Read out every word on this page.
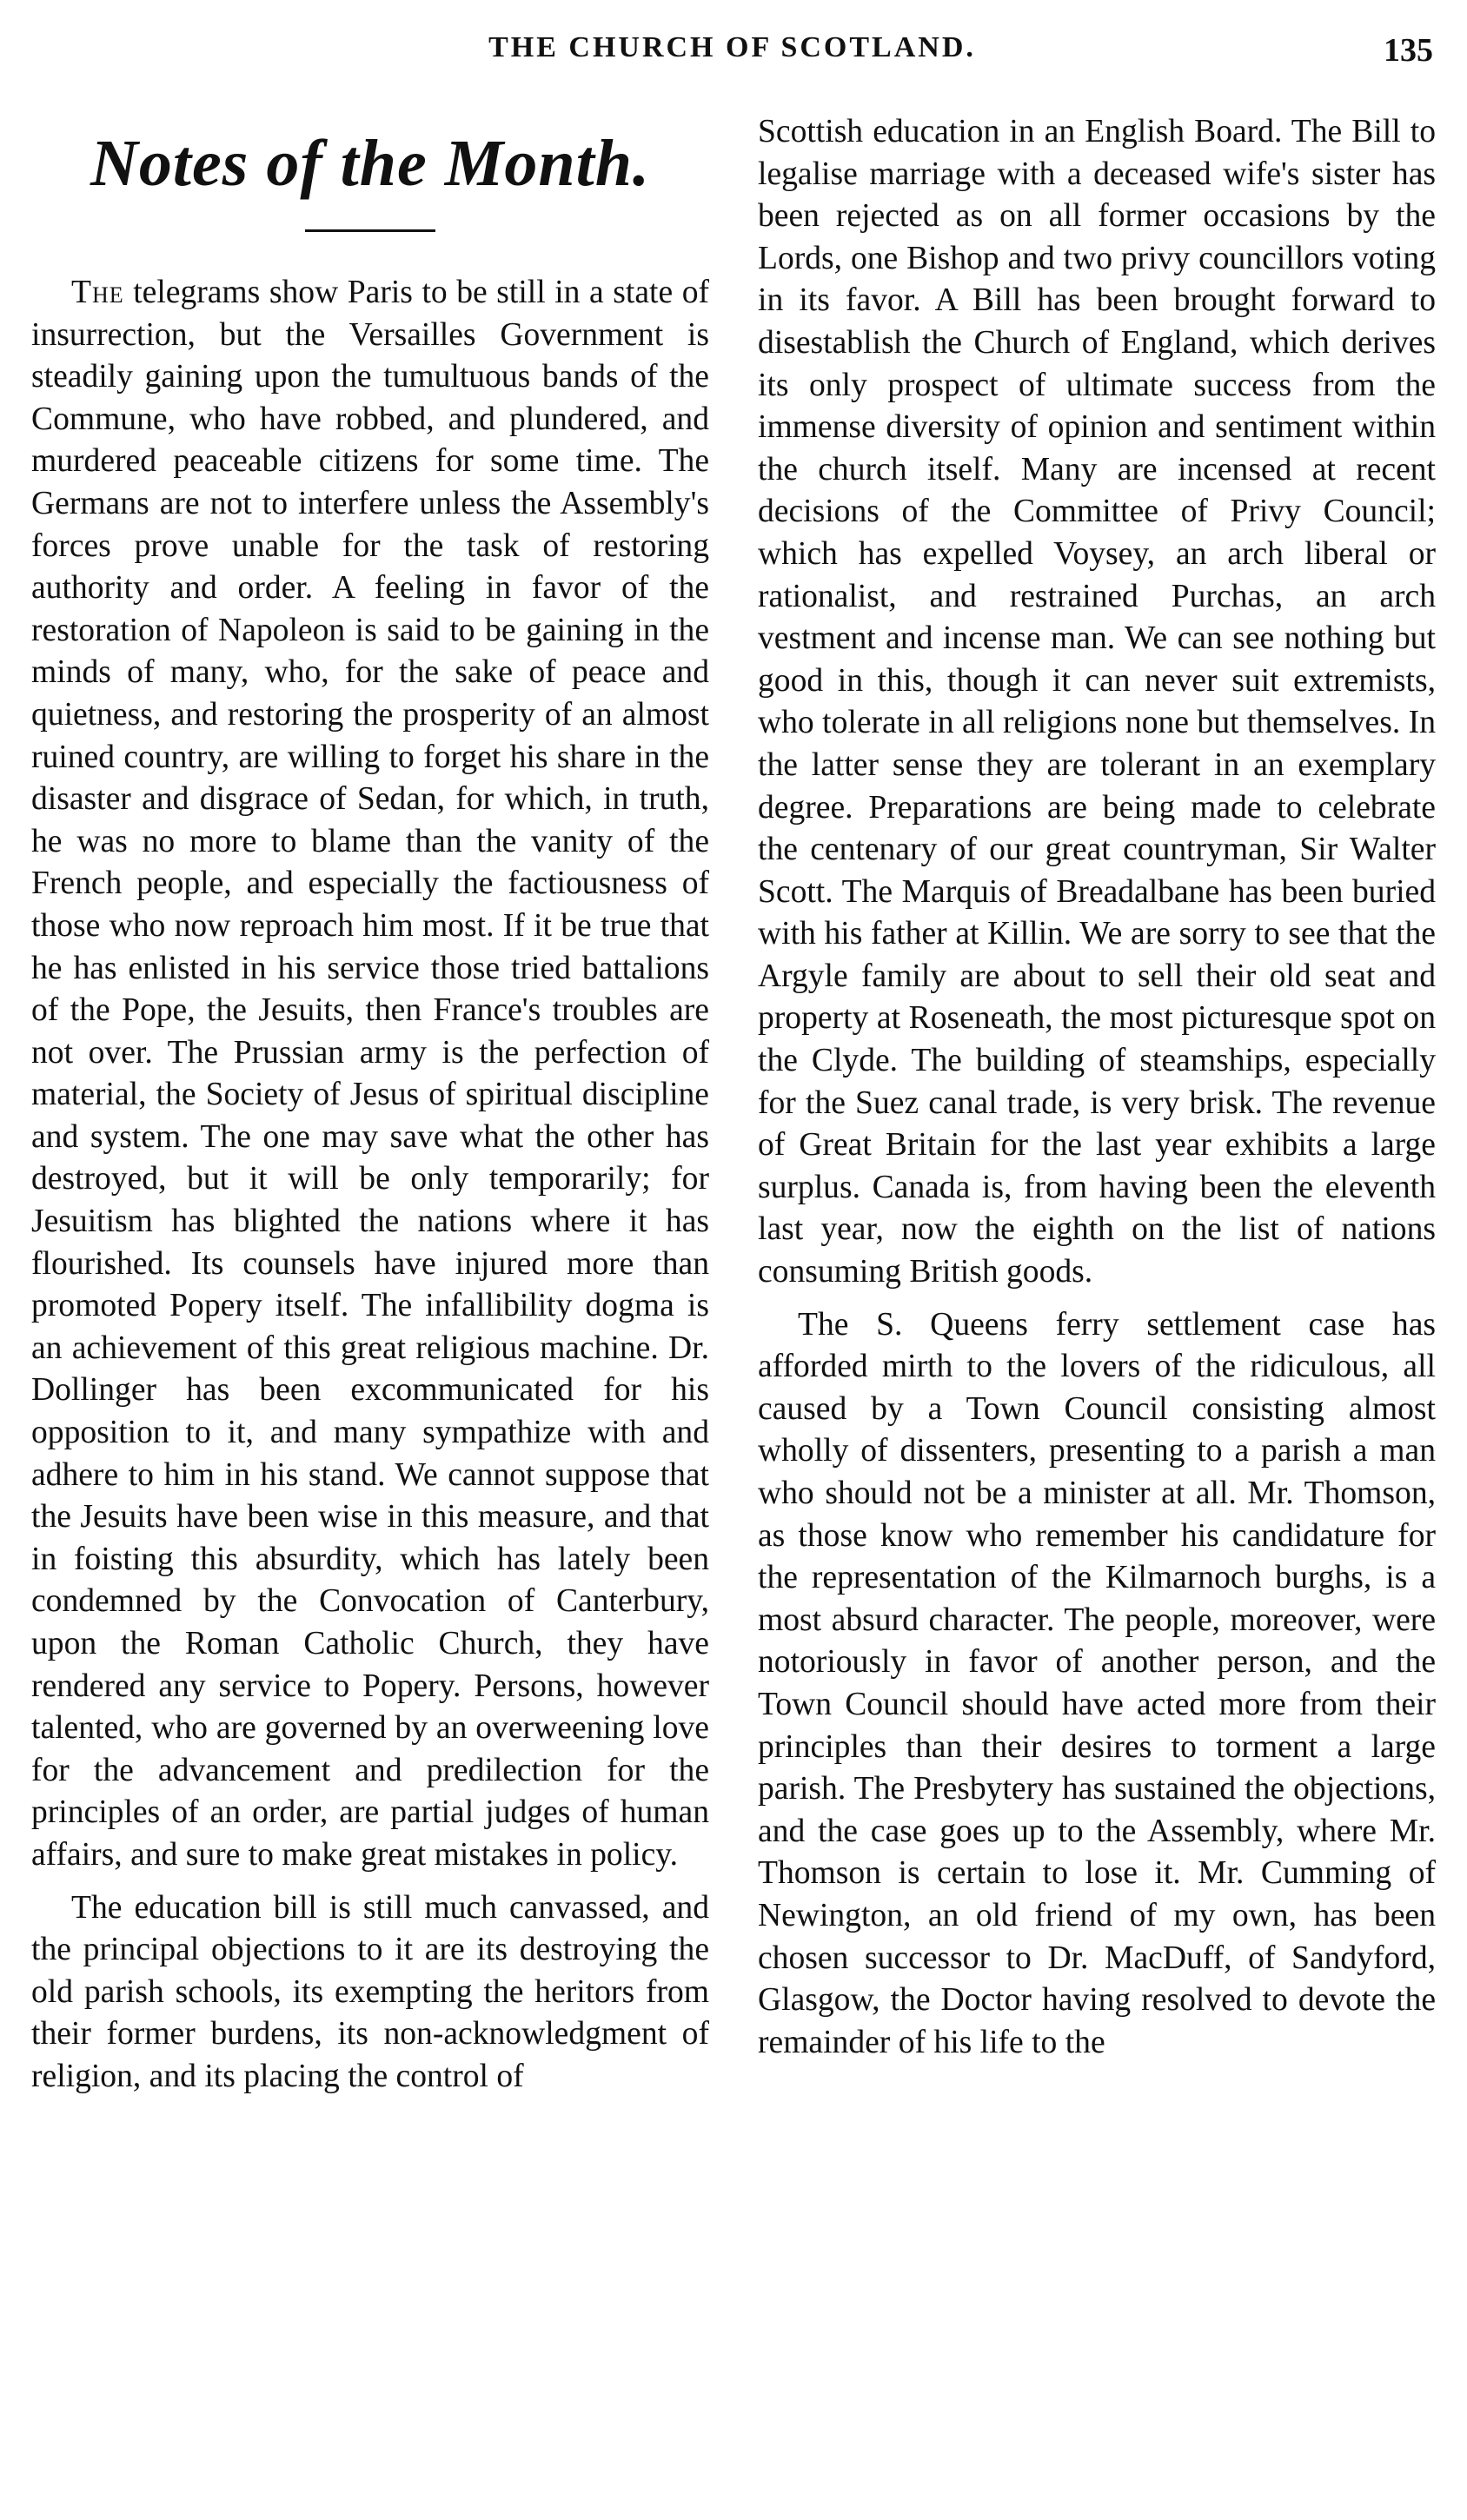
THE CHURCH OF SCOTLAND.	135
Notes of the Month.

The telegrams show Paris to be still in a state of insurrection, but the Versailles Government is steadily gaining upon the tumultuous bands of the Commune, who have robbed, and plundered, and murdered peaceable citizens for some time. The Germans are not to interfere unless the Assembly's forces prove unable for the task of restoring authority and order. A feeling in favor of the restoration of Napoleon is said to be gaining in the minds of many, who, for the sake of peace and quietness, and restoring the prosperity of an almost ruined country, are willing to forget his share in the disaster and disgrace of Sedan, for which, in truth, he was no more to blame than the vanity of the French people, and especially the factiousness of those who now reproach him most. If it be true that he has enlisted in his service those tried battalions of the Pope, the Jesuits, then France's troubles are not over. The Prussian army is the perfection of material, the Society of Jesus of spiritual discipline and system. The one may save what the other has destroyed, but it will be only temporarily; for Jesuitism has blighted the nations where it has flourished. Its counsels have injured more than promoted Popery itself. The infallibility dogma is an achievement of this great religious machine. Dr. Dollinger has been excommunicated for his opposition to it, and many sympathize with and adhere to him in his stand. We cannot suppose that the Jesuits have been wise in this measure, and that in foisting this absurdity, which has lately been condemned by the Convocation of Canterbury, upon the Roman Catholic Church, they have rendered any service to Popery. Persons, however talented, who are governed by an overweening love for the advancement and predilection for the principles of an order, are partial judges of human affairs, and sure to make great mistakes in policy.

The education bill is still much canvassed, and the principal objections to it are its destroying the old parish schools, its exempting the heritors from their former burdens, its non-acknowledgment of religion, and its placing the control of

Scottish education in an English Board. The Bill to legalise marriage with a deceased wife's sister has been rejected as on all former occasions by the Lords, one Bishop and two privy councillors voting in its favor. A Bill has been brought forward to disestablish the Church of England, which derives its only prospect of ultimate success from the immense diversity of opinion and sentiment within the church itself. Many are incensed at recent decisions of the Committee of Privy Council; which has expelled Voysey, an arch liberal or rationalist, and restrained Purchas, an arch vestment and incense man. We can see nothing but good in this, though it can never suit extremists, who tolerate in all religions none but themselves. In the latter sense they are tolerant in an exemplary degree. Preparations are being made to celebrate the centenary of our great countryman, Sir Walter Scott. The Marquis of Breadalbane has been buried with his father at Killin. We are sorry to see that the Argyle family are about to sell their old seat and property at Roseneath, the most picturesque spot on the Clyde. The building of steamships, especially for the Suez canal trade, is very brisk. The revenue of Great Britain for the last year exhibits a large surplus. Canada is, from having been the eleventh last year, now the eighth on the list of nations consuming British goods.

The S. Queens ferry settlement case has afforded mirth to the lovers of the ridiculous, all caused by a Town Council consisting almost wholly of dissenters, presenting to a parish a man who should not be a minister at all. Mr. Thomson, as those know who remember his candidature for the representation of the Kilmarnoch burghs, is a most absurd character. The people, moreover, were notoriously in favor of another person, and the Town Council should have acted more from their principles than their desires to torment a large parish. The Presbytery has sustained the objections, and the case goes up to the Assembly, where Mr. Thomson is certain to lose it. Mr. Cumming of Newington, an old friend of my own, has been chosen successor to Dr. MacDuff, of Sandyford, Glasgow, the Doctor having resolved to devote the remainder of his life to the
